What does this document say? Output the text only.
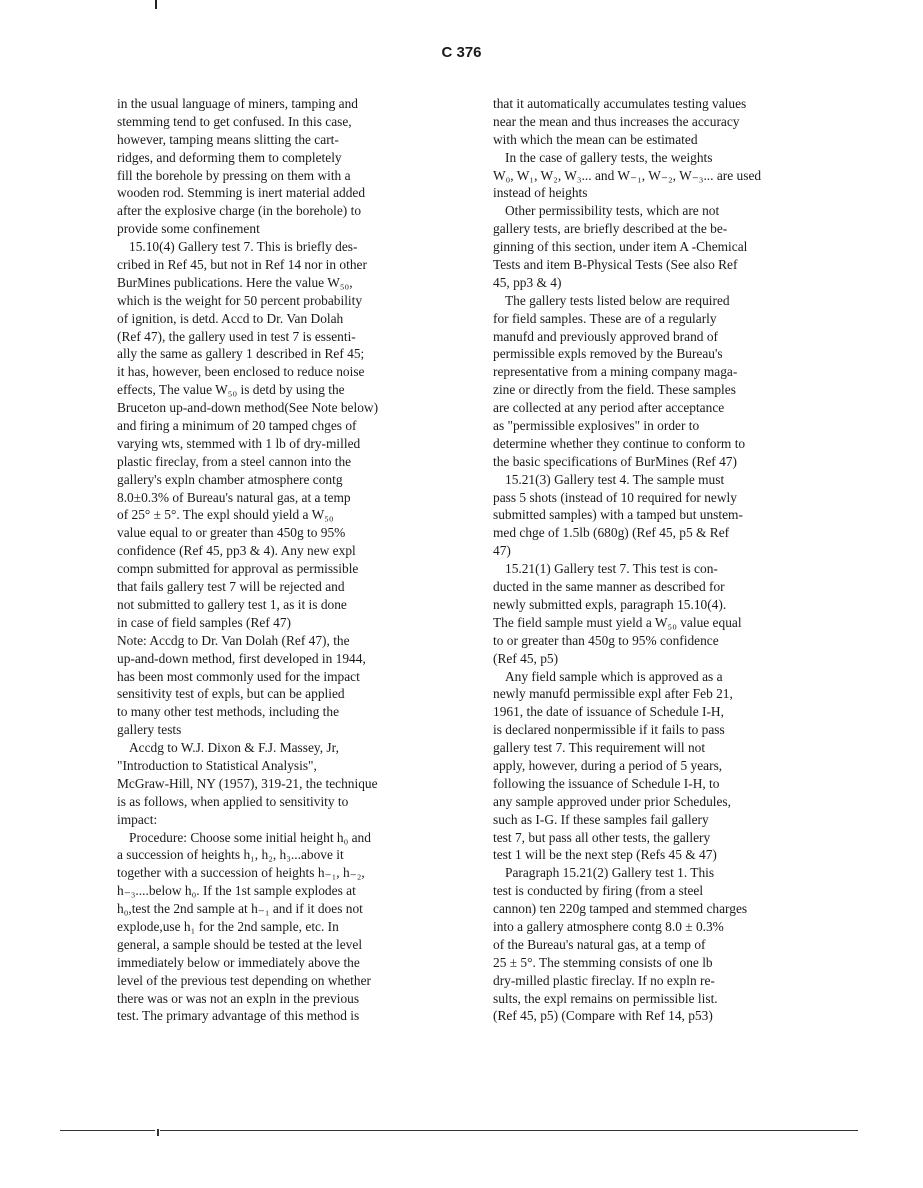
C 376
in the usual language of miners, tamping and
stemming tend to get confused. In this case,
however, tamping means slitting the cart-
ridges, and deforming them to completely
fill the borehole by pressing on them with a
wooden rod. Stemming is inert material added
after the explosive charge (in the borehole) to
provide some confinement
15.10(4) Gallery test 7. This is briefly des-
cribed in Ref 45, but not in Ref 14 nor in other
BurMines publications. Here the value W₅₀,
which is the weight for 50 percent probability
of ignition, is detd. Accd to Dr. Van Dolah
(Ref 47), the gallery used in test 7 is essenti-
ally the same as gallery 1 described in Ref 45;
it has, however, been enclosed to reduce noise
effects, The value W₅₀ is detd by using the
Bruceton up-and-down method(See Note below)
and firing a minimum of 20 tamped chges of
varying wts, stemmed with 1 lb of dry-milled
plastic fireclay, from a steel cannon into the
gallery's expln chamber atmosphere contg
8.0±0.3% of Bureau's natural gas, at a temp
of 25° ± 5°. The expl should yield a W₅₀
value equal to or greater than 450g to 95%
confidence (Ref 45, pp3 & 4). Any new expl
compn submitted for approval as permissible
that fails gallery test 7 will be rejected and
not submitted to gallery test 1, as it is done
in case of field samples (Ref 47)
Note: Accdg to Dr. Van Dolah (Ref 47), the
up-and-down method, first developed in 1944,
has been most commonly used for the impact
sensitivity test of expls, but can be applied
to many other test methods, including the
gallery tests
Accdg to W.J. Dixon & F.J. Massey, Jr,
"Introduction to Statistical Analysis",
McGraw-Hill, NY (1957), 319-21, the technique
is as follows, when applied to sensitivity to
impact:
Procedure: Choose some initial height h₀ and
a succession of heights h₁, h₂, h₃...above it
together with a succession of heights h₋₁, h₋₂,
h₋₃....below h₀. If the 1st sample explodes at
h₀,test the 2nd sample at h₋₁ and if it does not
explode,use h₁ for the 2nd sample, etc. In
general, a sample should be tested at the level
immediately below or immediately above the
level of the previous test depending on whether
there was or was not an expln in the previous
test. The primary advantage of this method is
that it automatically accumulates testing values
near the mean and thus increases the accuracy
with which the mean can be estimated
In the case of gallery tests, the weights
W₀, W₁, W₂, W₃... and W₋₁, W₋₂, W₋₃... are used
instead of heights
Other permissibility tests, which are not
gallery tests, are briefly described at the be-
ginning of this section, under item A -Chemical
Tests and item B-Physical Tests (See also Ref
45, pp3 & 4)
The gallery tests listed below are required
for field samples. These are of a regularly
manufd and previously approved brand of
permissible expls removed by the Bureau's
representative from a mining company maga-
zine or directly from the field. These samples
are collected at any period after acceptance
as "permissible explosives" in order to
determine whether they continue to conform to
the basic specifications of BurMines (Ref 47)
15.21(3) Gallery test 4. The sample must
pass 5 shots (instead of 10 required for newly
submitted samples) with a tamped but unstem-
med chge of 1.5lb (680g) (Ref 45, p5 & Ref
47)
15.21(1) Gallery test 7. This test is con-
ducted in the same manner as described for
newly submitted expls, paragraph 15.10(4).
The field sample must yield a W₅₀ value equal
to or greater than 450g to 95% confidence
(Ref 45, p5)
Any field sample which is approved as a
newly manufd permissible expl after Feb 21,
1961, the date of issuance of Schedule I-H,
is declared nonpermissible if it fails to pass
gallery test 7. This requirement will not
apply, however, during a period of 5 years,
following the issuance of Schedule I-H, to
any sample approved under prior Schedules,
such as I-G. If these samples fail gallery
test 7, but pass all other tests, the gallery
test 1 will be the next step (Refs 45 & 47)
Paragraph 15.21(2) Gallery test 1. This
test is conducted by firing (from a steel
cannon) ten 220g tamped and stemmed charges
into a gallery atmosphere contg 8.0 ± 0.3%
of the Bureau's natural gas, at a temp of
25 ± 5°. The stemming consists of one lb
dry-milled plastic fireclay. If no expln re-
sults, the expl remains on permissible list.
(Ref 45, p5) (Compare with Ref 14, p53)
